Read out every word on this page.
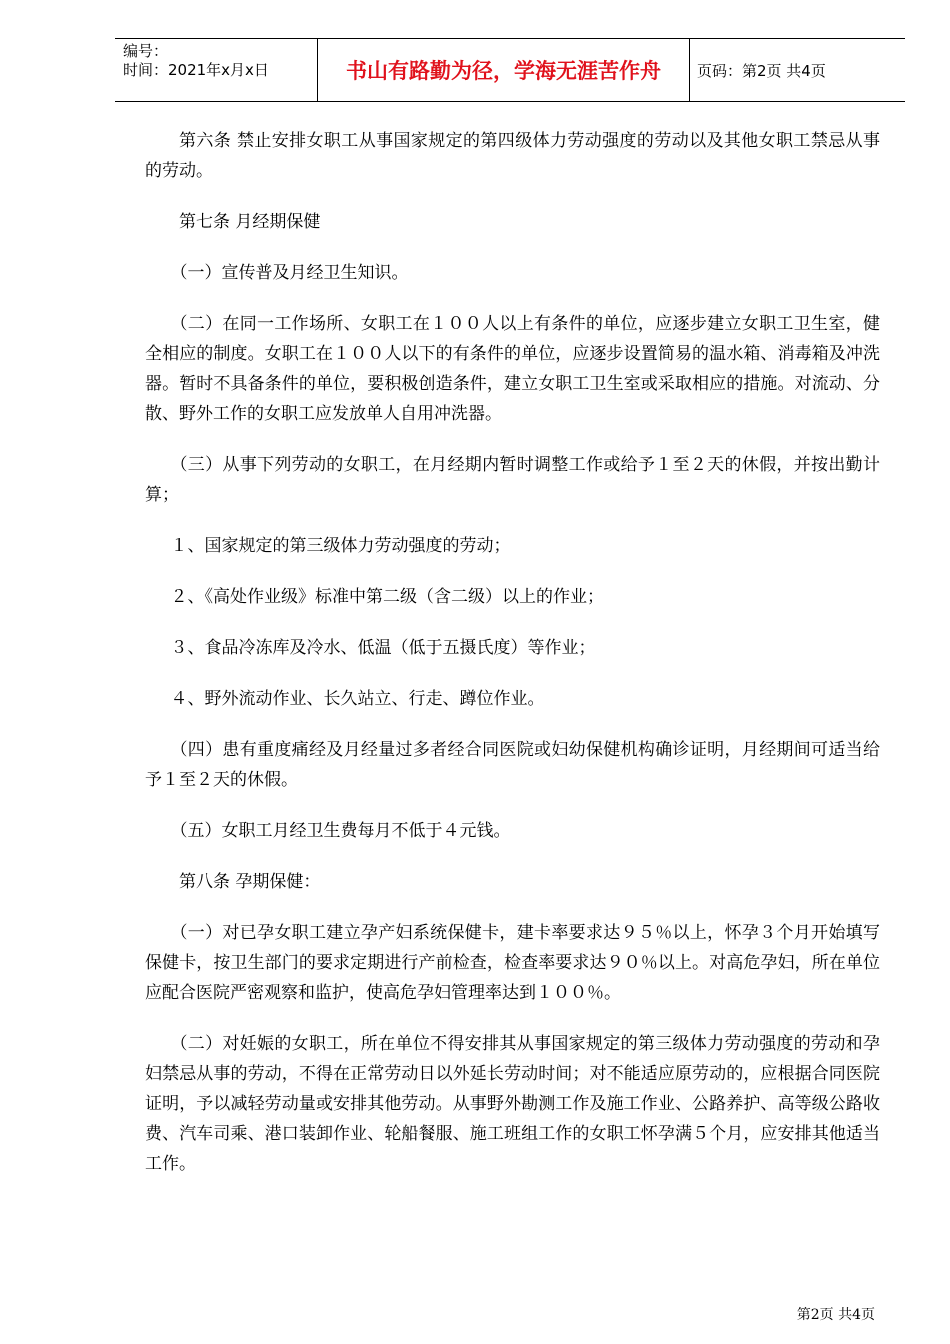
编号：
时间：2021年x月x日	书山有路勤为径，学海无涯苦作舟	页码：第2页 共4页

第六条 禁止安排女职工从事国家规定的第四级体力劳动强度的劳动以及其他女职工禁忌从事的劳动。

第七条 月经期保健

（一）宣传普及月经卫生知识。

（二）在同一工作场所、女职工在１００人以上有条件的单位，应逐步建立女职工卫生室，健全相应的制度。女职工在１００人以下的有条件的单位，应逐步设置简易的温水箱、消毒箱及冲洗器。暂时不具备条件的单位，要积极创造条件，建立女职工卫生室或采取相应的措施。对流动、分散、野外工作的女职工应发放单人自用冲洗器。

（三）从事下列劳动的女职工，在月经期内暂时调整工作或给予１至２天的休假，并按出勤计算；

１、国家规定的第三级体力劳动强度的劳动；

２、《高处作业级》标准中第二级（含二级）以上的作业；

３、食品冷冻库及冷水、低温（低于五摄氏度）等作业；

４、野外流动作业、长久站立、行走、蹲位作业。

（四）患有重度痛经及月经量过多者经合同医院或妇幼保健机构确诊证明，月经期间可适当给予１至２天的休假。

（五）女职工月经卫生费每月不低于４元钱。

第八条 孕期保健：

（一）对已孕女职工建立孕产妇系统保健卡，建卡率要求达９５％以上，怀孕３个月开始填写保健卡，按卫生部门的要求定期进行产前检查，检查率要求达９０％以上。对高危孕妇，所在单位应配合医院严密观察和监护，使高危孕妇管理率达到１００％。

（二）对妊娠的女职工，所在单位不得安排其从事国家规定的第三级体力劳动强度的劳动和孕妇禁忌从事的劳动，不得在正常劳动日以外延长劳动时间；对不能适应原劳动的，应根据合同医院证明，予以减轻劳动量或安排其他劳动。从事野外勘测工作及施工作业、公路养护、高等级公路收费、汽车司乘、港口装卸作业、轮船餐服、施工班组工作的女职工怀孕满５个月，应安排其他适当工作。

第2页 共4页
